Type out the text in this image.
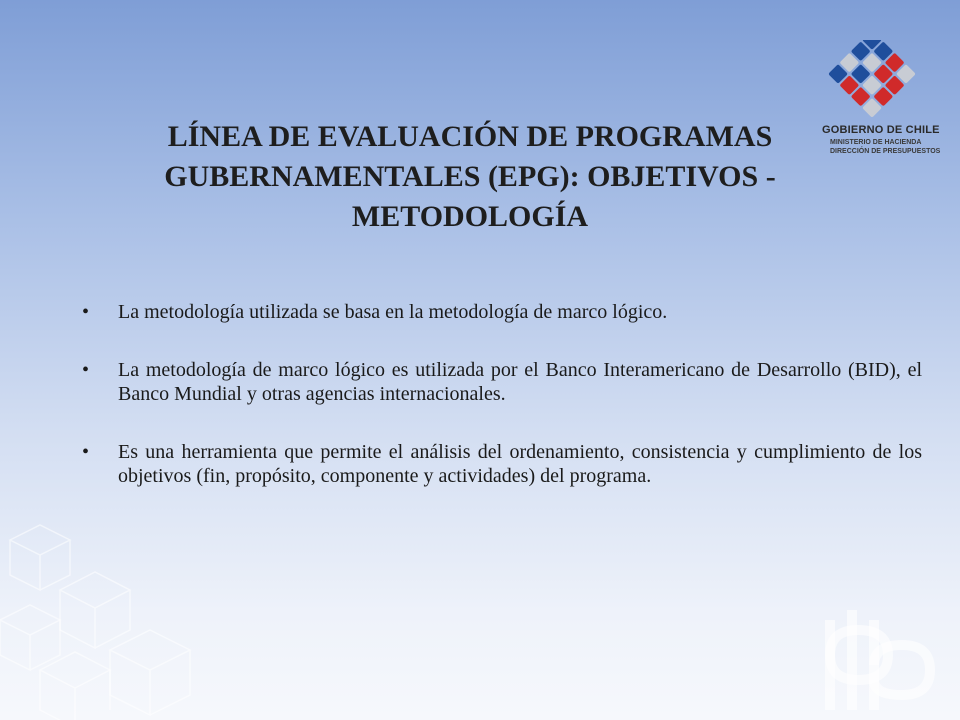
GOBIERNO DE CHILE
MINISTERIO DE HACIENDA
DIRECCIÓN DE PRESUPUESTOS
LÍNEA DE EVALUACIÓN DE PROGRAMAS
GUBERNAMENTALES (EPG): OBJETIVOS -
METODOLOGÍA
• La metodología utilizada se basa en la metodología de marco lógico.
• La metodología de marco lógico es utilizada por el Banco Interamericano de Desarrollo (BID), el Banco Mundial y otras agencias internacionales.
• Es una herramienta que permite el análisis del ordenamiento, consistencia y cumplimiento de los objetivos (fin, propósito, componente y actividades) del programa.
